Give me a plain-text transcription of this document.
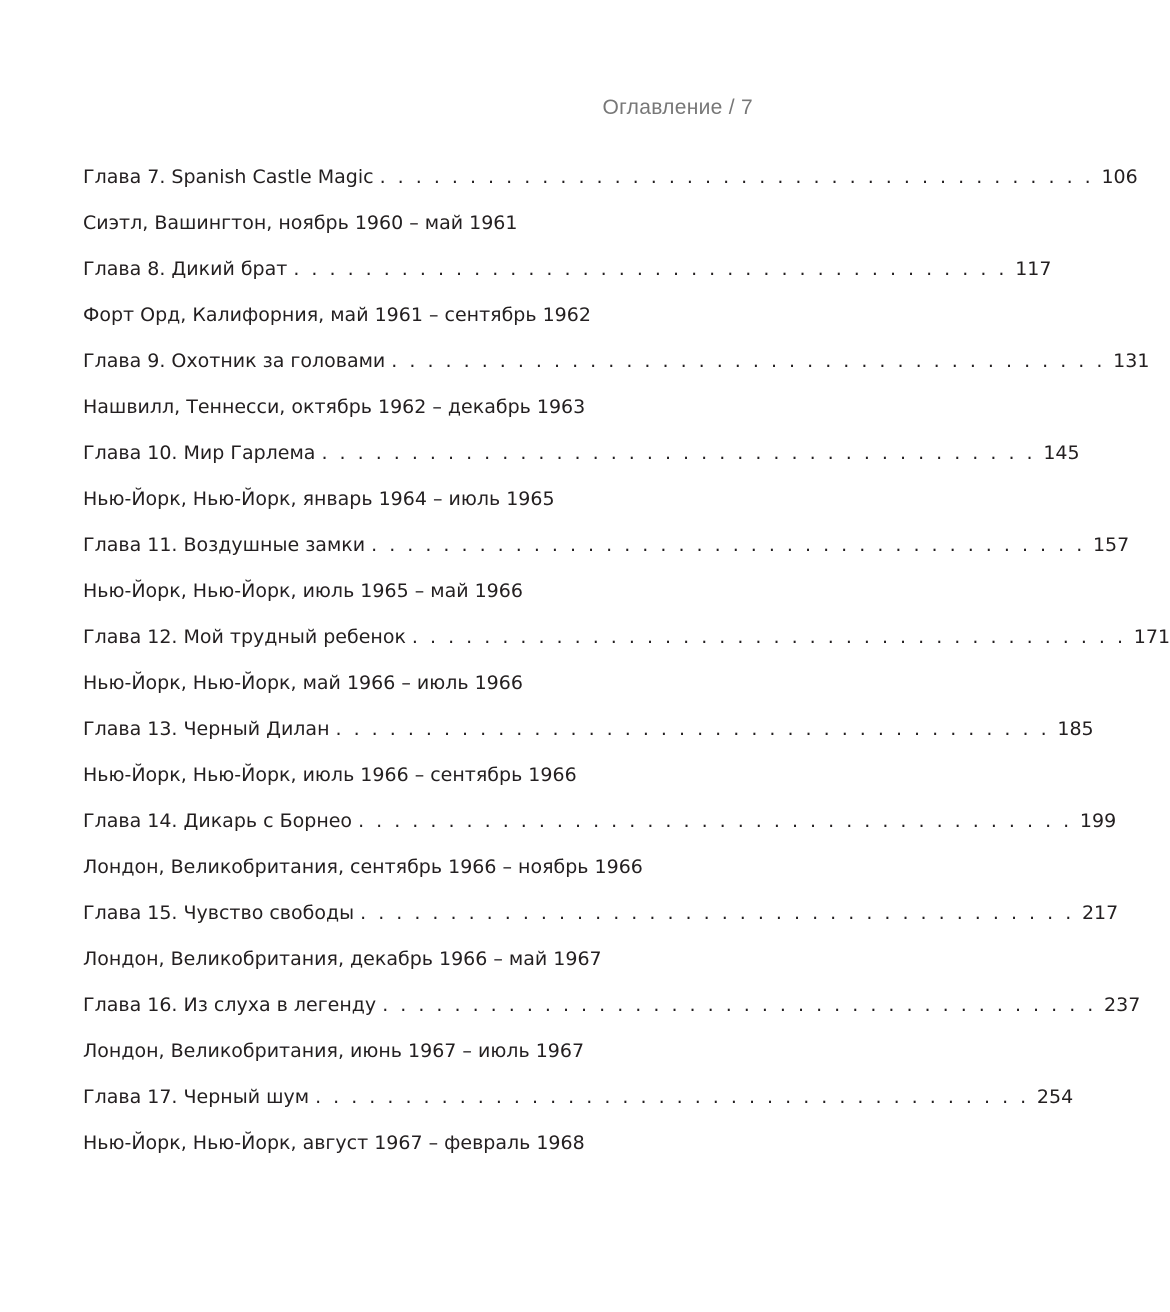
Оглавление / 7
Глава 7. Spanish Castle Magic . . . . . . . . . . . . . . . . . . . . . . . . . . . . . . . . . . . . . . . . 106
Сиэтл, Вашингтон, ноябрь 1960 – май 1961
Глава 8. Дикий брат . . . . . . . . . . . . . . . . . . . . . . . . . . . . . . . . . . . . . . . . 117
Форт Орд, Калифорния, май 1961 – сентябрь 1962
Глава 9. Охотник за головами . . . . . . . . . . . . . . . . . . . . . . . . . . . . . . . . . . . . . . . . 131
Нашвилл, Теннесси, октябрь 1962 – декабрь 1963
Глава 10. Мир Гарлема . . . . . . . . . . . . . . . . . . . . . . . . . . . . . . . . . . . . . . . . 145
Нью-Йорк, Нью-Йорк, январь 1964 – июль 1965
Глава 11. Воздушные замки . . . . . . . . . . . . . . . . . . . . . . . . . . . . . . . . . . . . . . . . 157
Нью-Йорк, Нью-Йорк, июль 1965 – май 1966
Глава 12. Мой трудный ребенок . . . . . . . . . . . . . . . . . . . . . . . . . . . . . . . . . . . . . . . . 171
Нью-Йорк, Нью-Йорк, май 1966 – июль 1966
Глава 13. Черный Дилан . . . . . . . . . . . . . . . . . . . . . . . . . . . . . . . . . . . . . . . . 185
Нью-Йорк, Нью-Йорк, июль 1966 – сентябрь 1966
Глава 14. Дикарь с Борнео . . . . . . . . . . . . . . . . . . . . . . . . . . . . . . . . . . . . . . . . 199
Лондон, Великобритания, сентябрь 1966 – ноябрь 1966
Глава 15. Чувство свободы . . . . . . . . . . . . . . . . . . . . . . . . . . . . . . . . . . . . . . . . 217
Лондон, Великобритания, декабрь 1966 – май 1967
Глава 16. Из слуха в легенду . . . . . . . . . . . . . . . . . . . . . . . . . . . . . . . . . . . . . . . . 237
Лондон, Великобритания, июнь 1967 – июль 1967
Глава 17. Черный шум . . . . . . . . . . . . . . . . . . . . . . . . . . . . . . . . . . . . . . . . 254
Нью-Йорк, Нью-Йорк, август 1967 – февраль 1968
